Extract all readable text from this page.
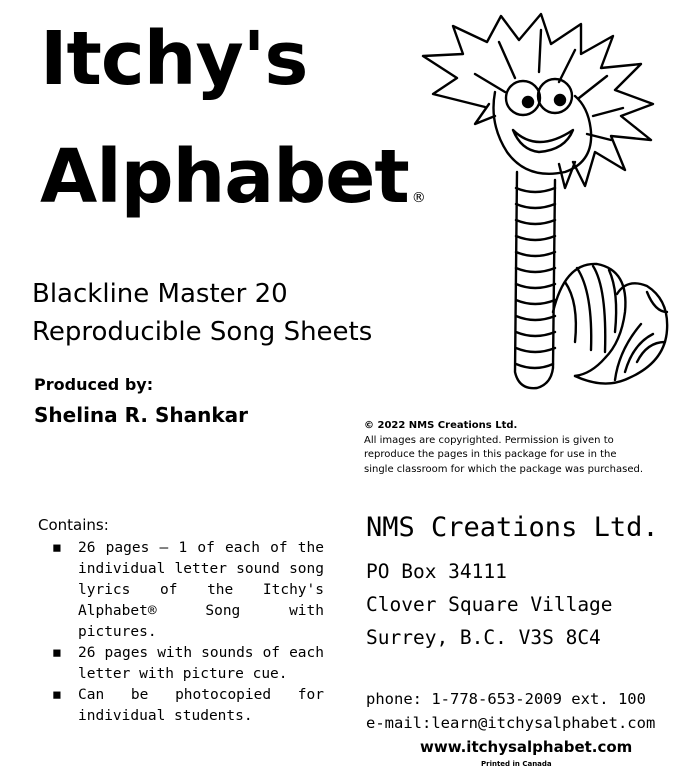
Itchy's
Alphabet ®
Blackline Master 20
Reproducible Song Sheets
Produced by:
Shelina R. Shankar	© 2022 NMS Creations Ltd.
All images are copyrighted. Permission is given to
reproduce the pages in this package for use in the
single classroom for which the package was purchased.
Contains:
▪ 26 pages – 1 of each of the individual letter sound song lyrics of the Itchy's Alphabet® Song with pictures.
▪ 26 pages with sounds of each letter with picture cue.
▪ Can be photocopied for individual students.
NMS Creations Ltd.
PO Box 34111
Clover Square Village
Surrey, B.C. V3S 8C4
phone: 1-778-653-2009 ext. 100
e-mail:learn@itchysalphabet.com
www.itchysalphabet.com
Printed in Canada
